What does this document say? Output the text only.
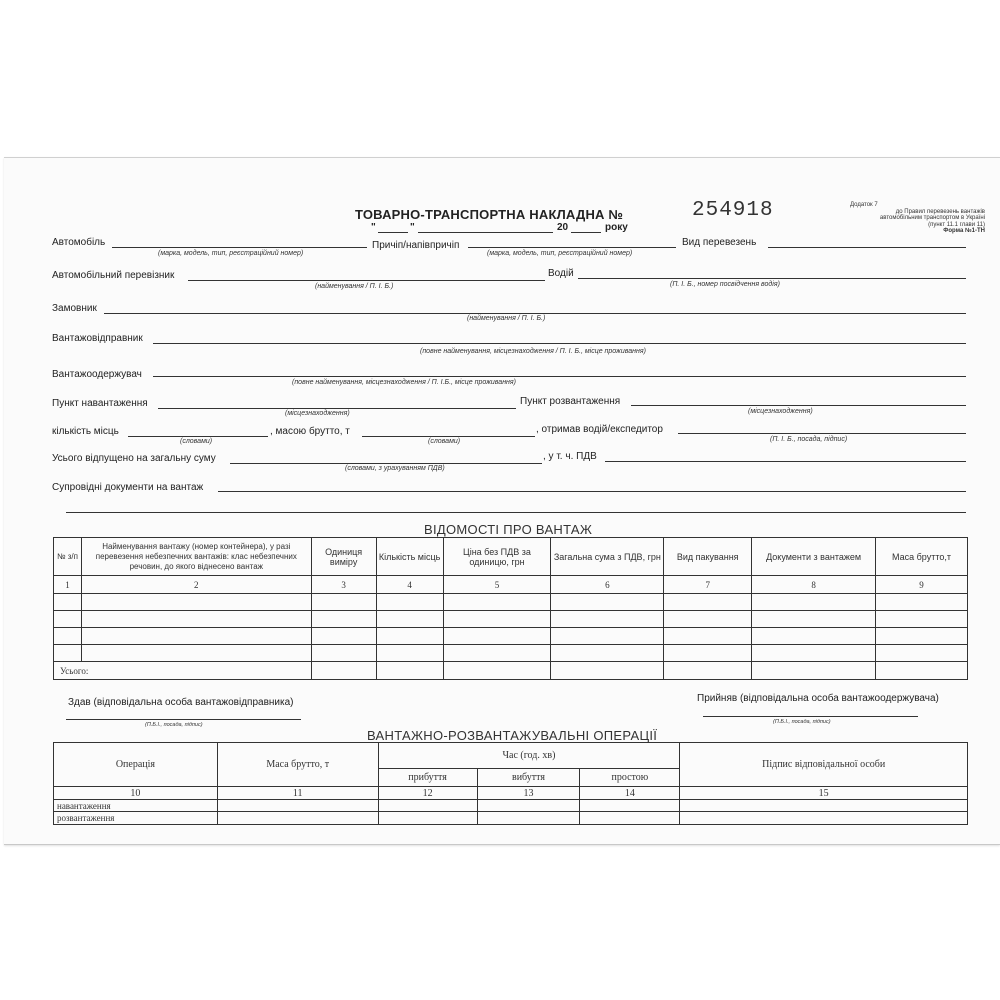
ТОВАРНО-ТРАНСПОРТНА НАКЛАДНА №	254918	Додаток 7
до Правил перевезень вантажів
автомобільним транспортом в Україні
(пункт 11.1 глави 11)
Форма №1-ТН
"	"	20	року
Автомобіль
(марка, модель, тип, реєстраційний номер)
Причіп/напівпричіп
(марка, модель, тип, реєстраційний номер)
Вид перевезень
Автомобільний перевізник
(найменування / П. І. Б.)
Водій
(П. І. Б., номер посвідчення водія)
Замовник
(найменування / П. І. Б.)
Вантажовідправник
(повне найменування, місцезнаходження / П. І. Б., місце проживання)
Вантажоодержувач
(повне найменування, місцезнаходження / П. І.Б., місце проживання)
Пункт навантаження
(місцезнаходження)
Пункт розвантаження
(місцезнаходження)
кількість місць
(словами)
, масою брутто, т
(словами)
, отримав водій/експедитор
(П. І. Б., посада, підпис)
Усього відпущено на загальну суму
(словами, з урахуванням ПДВ)
, у т. ч. ПДВ
Супровідні документи на вантаж
ВІДОМОСТІ ПРО ВАНТАЖ
№ з/п	Найменування вантажу (номер контейнера), у разі перевезення небезпечних вантажів: клас небезпечних речовин, до якого віднесено вантаж	Одиниця виміру	Кількість місць	Ціна без ПДВ за одиницю, грн	Загальна сума з ПДВ, грн	Вид пакування	Документи з вантажем	Маса брутто,т
1	2	3	4	5	6	7	8	9

Усього:								
Здав (відповідальна особа вантажовідправника)
(П.Б.І., посада, підпис)
Прийняв (відповідальна особа вантажоодержувача)
(П.Б.І., посада, підпис)
ВАНТАЖНО-РОЗВАНТАЖУВАЛЬНІ ОПЕРАЦІЇ
Операція	Маса брутто, т	Час (год. хв)			Підпис відповідальної особи
		прибуття	вибуття	простою	
10	11	12	13	14	15
навантаження					
розвантаження					
